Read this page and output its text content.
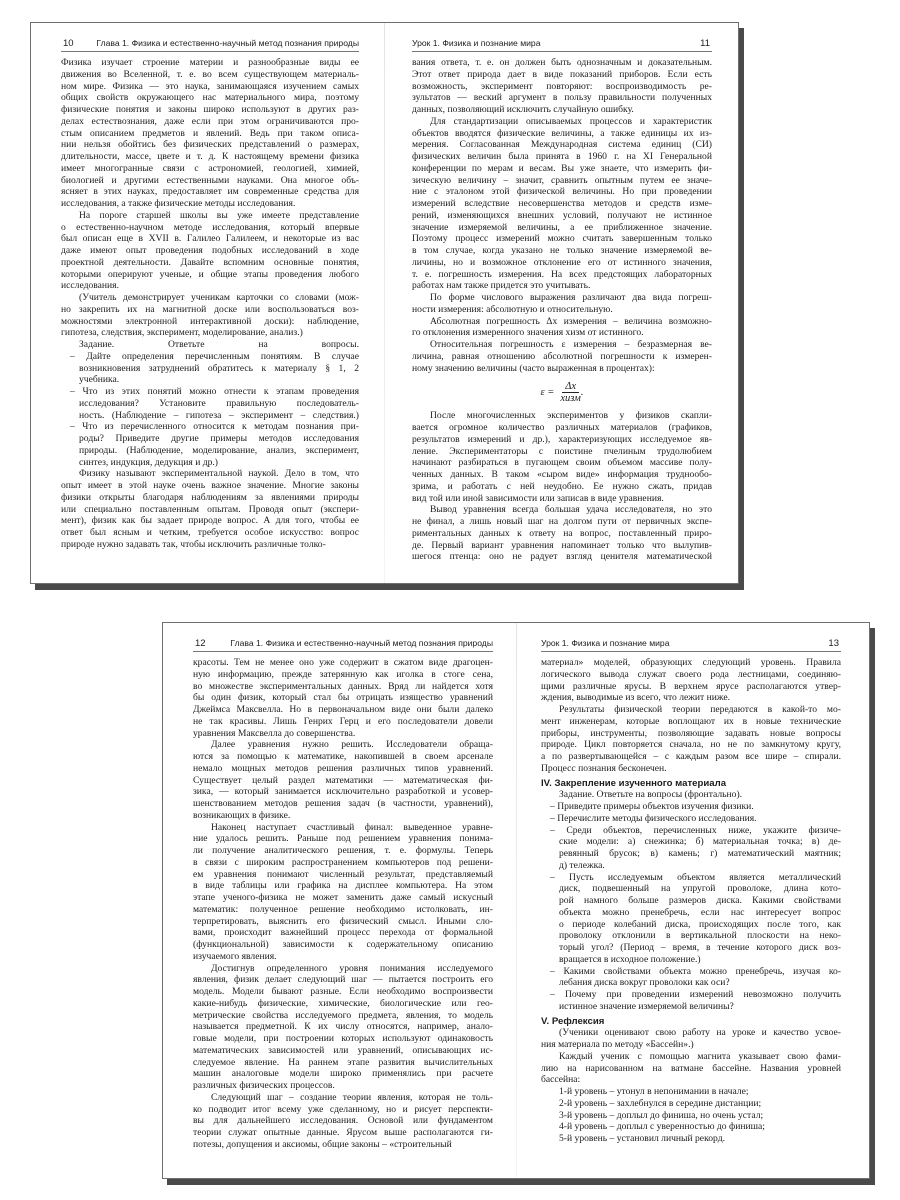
10	Глава 1. Физика и естественно-научный метод познания природы
Физика изучает строение материи и разнообразные виды ее
движения во Вселенной, т. е. во всем существующем материаль-
ном мире. Физика — это наука, занимающаяся изучением самых
общих свойств окружающего нас материального мира, поэтому
физические понятия и законы широко используют в других раз-
делах естествознания, даже если при этом ограничиваются про-
стым описанием предметов и явлений. Ведь при таком описа-
нии нельзя обойтись без физических представлений о размерах,
длительности, массе, цвете и т. д. К настоящему времени физика
имеет многогранные связи с астрономией, геологией, химией,
биологией и другими естественными науками. Она многое объ-
ясняет в этих науках, предоставляет им современные средства для
исследования, а также физические методы исследования.
На пороге старшей школы вы уже имеете представление
о естественно-научном методе исследования, который впервые
был описан еще в XVII в. Галилео Галилеем, и некоторые из вас
даже имеют опыт проведения подобных исследований в ходе
проектной деятельности. Давайте вспомним основные понятия,
которыми оперируют ученые, и общие этапы проведения любого
исследования.
(Учитель демонстрирует ученикам карточки со словами (мож-
но закрепить их на магнитной доске или воспользоваться воз-
можностями электронной интерактивной доски): наблюдение,
гипотеза, следствия, эксперимент, моделирование, анализ.)
Задание. Ответьте на вопросы.
– Дайте определения перечисленным понятиям. В случае
возникновения затруднений обратитесь к материалу § 1, 2
учебника.
– Что из этих понятий можно отнести к этапам проведения
исследования? Установите правильную последователь-
ность. (Наблюдение – гипотеза – эксперимент – следствия.)
– Что из перечисленного относится к методам познания при-
роды? Приведите другие примеры методов исследования
природы. (Наблюдение, моделирование, анализ, эксперимент,
синтез, индукция, дедукция и др.)
Физику называют экспериментальной наукой. Дело в том, что
опыт имеет в этой науке очень важное значение. Многие законы
физики открыты благодаря наблюдениям за явлениями природы
или специально поставленным опытам. Проводя опыт (экспери-
мент), физик как бы задает природе вопрос. А для того, чтобы ее
ответ был ясным и четким, требуется особое искусство: вопрос
природе нужно задавать так, чтобы исключить различные толко-
Урок 1. Физика и познание мира	11
вания ответа, т. е. он должен быть однозначным и доказательным.
Этот ответ природа дает в виде показаний приборов. Если есть
возможность, эксперимент повторяют: воспроизводимость ре-
зультатов — веский аргумент в пользу правильности полученных
данных, позволяющий исключить случайную ошибку.
Для стандартизации описываемых процессов и характеристик
объектов вводятся физические величины, а также единицы их из-
мерения. Согласованная Международная система единиц (СИ)
физических величин была принята в 1960 г. на XI Генеральной
конференции по мерам и весам. Вы уже знаете, что измерить фи-
зическую величину – значит, сравнить опытным путем ее значе-
ние с эталоном этой физической величины. Но при проведении
измерений вследствие несовершенства методов и средств изме-
рений, изменяющихся внешних условий, получают не истинное
значение измеряемой величины, а ее приближенное значение.
Поэтому процесс измерений можно считать завершенным только
в том случае, когда указано не только значение измеряемой ве-
личины, но и возможное отклонение его от истинного значения,
т. е. погрешность измерения. На всех предстоящих лабораторных
работах нам также придется это учитывать.
По форме числового выражения различают два вида погреш-
ности измерения: абсолютную и относительную.
Абсолютная погрешность Δx измерения – величина возможно-
го отклонения измеренного значения xизм от истинного.
Относительная погрешность ε измерения – безразмерная ве-
личина, равная отношению абсолютной погрешности к измерен-
ному значению величины (часто выраженная в процентах):
$\varepsilon = \frac{\Delta x}{\text{xизм}}$ .
После многочисленных экспериментов у физиков скапли-
вается огромное количество различных материалов (графиков,
результатов измерений и др.), характеризующих исследуемое яв-
ление. Экспериментаторы с поистине пчелиным трудолюбием
начинают разбираться в пугающем своим объемом массиве полу-
ченных данных. В таком «сыром виде» информация труднообо-
зрима, и работать с ней неудобно. Ее нужно сжать, придав
вид той или иной зависимости или записав в виде уравнения.
Вывод уравнения всегда большая удача исследователя, но это
не финал, а лишь новый шаг на долгом пути от первичных экспе-
риментальных данных к ответу на вопрос, поставленный приро-
де. Первый вариант уравнения напоминает только что вылупив-
шегося птенца: оно не радует взгляд ценителя математической
12	Глава 1. Физика и естественно-научный метод познания природы
красоты. Тем не менее оно уже содержит в сжатом виде драгоцен-
ную информацию, прежде затерянную как иголка в стоге сена,
во множестве экспериментальных данных. Вряд ли найдется хотя
бы один физик, который стал бы отрицать изящество уравнений
Джеймса Максвелла. Но в первоначальном виде они были далеко
не так красивы. Лишь Генрих Герц и его последователи довели
уравнения Максвелла до совершенства.
Далее уравнения нужно решить. Исследователи обраща-
ются за помощью к математике, накопившей в своем арсенале
немало мощных методов решения различных типов уравнений.
Существует целый раздел математики — математическая фи-
зика, — который занимается исключительно разработкой и усовер-
шенствованием методов решения задач (в частности, уравнений),
возникающих в физике.
Наконец наступает счастливый финал: выведенное уравне-
ние удалось решить. Раньше под решением уравнения понима-
ли получение аналитического решения, т. е. формулы. Теперь
в связи с широким распространением компьютеров под решени-
ем уравнения понимают численный результат, представляемый
в виде таблицы или графика на дисплее компьютера. На этом
этапе ученого-физика не может заменить даже самый искусный
математик: полученное решение необходимо истолковать, ин-
терпретировать, выяснить его физический смысл. Иными сло-
вами, происходит важнейший процесс перехода от формальной
(функциональной) зависимости к содержательному описанию
изучаемого явления.
Достигнув определенного уровня понимания исследуемого
явления, физик делает следующий шаг — пытается построить его
модель. Модели бывают разные. Если необходимо воспроизвести
какие-нибудь физические, химические, биологические или гео-
метрические свойства исследуемого предмета, явления, то модель
называется предметной. К их числу относятся, например, анало-
говые модели, при построении которых используют одинаковость
математических зависимостей или уравнений, описывающих ис-
следуемое явление. На раннем этапе развития вычислительных
машин аналоговые модели широко применялись при расчете
различных физических процессов.
Следующий шаг – создание теории явления, которая не толь-
ко подводит итог всему уже сделанному, но и рисует перспекти-
вы для дальнейшего исследования. Основой или фундаментом
теории служат опытные данные. Ярусом выше располагаются ги-
потезы, допущения и аксиомы, общие законы – «строительный
Урок 1. Физика и познание мира	13
материал» моделей, образующих следующий уровень. Правила
логического вывода служат своего рода лестницами, соединяю-
щими различные ярусы. В верхнем ярусе располагаются утвер-
ждения, выводимые из всего, что лежит ниже.
Результаты физической теории передаются в какой-то мо-
мент инженерам, которые воплощают их в новые технические
приборы, инструменты, позволяющие задавать новые вопросы
природе. Цикл повторяется сначала, но не по замкнутому кругу,
а по развертывающейся – с каждым разом все шире – спирали.
Процесс познания бесконечен.
IV. Закрепление изученного материала
Задание. Ответьте на вопросы (фронтально).
– Приведите примеры объектов изучения физики.
– Перечислите методы физического исследования.
– Среди объектов, перечисленных ниже, укажите физиче-
ские модели: а) снежинка; б) материальная точка; в) де-
ревянный брусок; в) камень; г) математический маятник;
д) тележка.
– Пусть исследуемым объектом является металлический
диск, подвешенный на упругой проволоке, длина кото-
рой намного больше размеров диска. Какими свойствами
объекта можно пренебречь, если нас интересует вопрос
о периоде колебаний диска, происходящих после того, как
проволоку отклонили в вертикальной плоскости на неко-
торый угол? (Период – время, в течение которого диск воз-
вращается в исходное положение.)
– Какими свойствами объекта можно пренебречь, изучая ко-
лебания диска вокруг проволоки как оси?
– Почему при проведении измерений невозможно получить
истинное значение измеряемой величины?
V. Рефлексия
(Ученики оценивают свою работу на уроке и качество усвое-
ния материала по методу «Бассейн».)
Каждый ученик с помощью магнита указывает свою фами-
лию на нарисованном на ватмане бассейне. Названия уровней
бассейна:
1-й уровень – утонул в непонимании в начале;
2-й уровень – захлебнулся в середине дистанции;
3-й уровень – доплыл до финиша, но очень устал;
4-й уровень – доплыл с уверенностью до финиша;
5-й уровень – установил личный рекорд.
